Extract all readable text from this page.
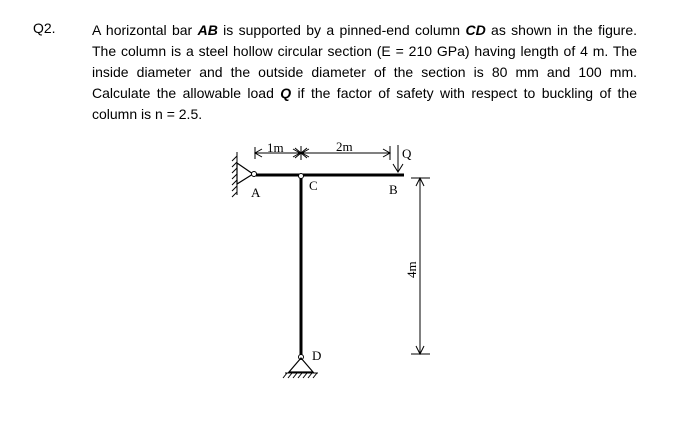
Q2.	A horizontal bar AB is supported by a pinned-end column CD as shown in the figure. The column is a steel hollow circular section (E = 210 GPa) having length of 4 m. The inside diameter and the outside diameter of the section is 80 mm and 100 mm. Calculate the allowable load Q if the factor of safety with respect to buckling of the column is n = 2.5.
A	C	B
D
Q
1m	2m
4m
